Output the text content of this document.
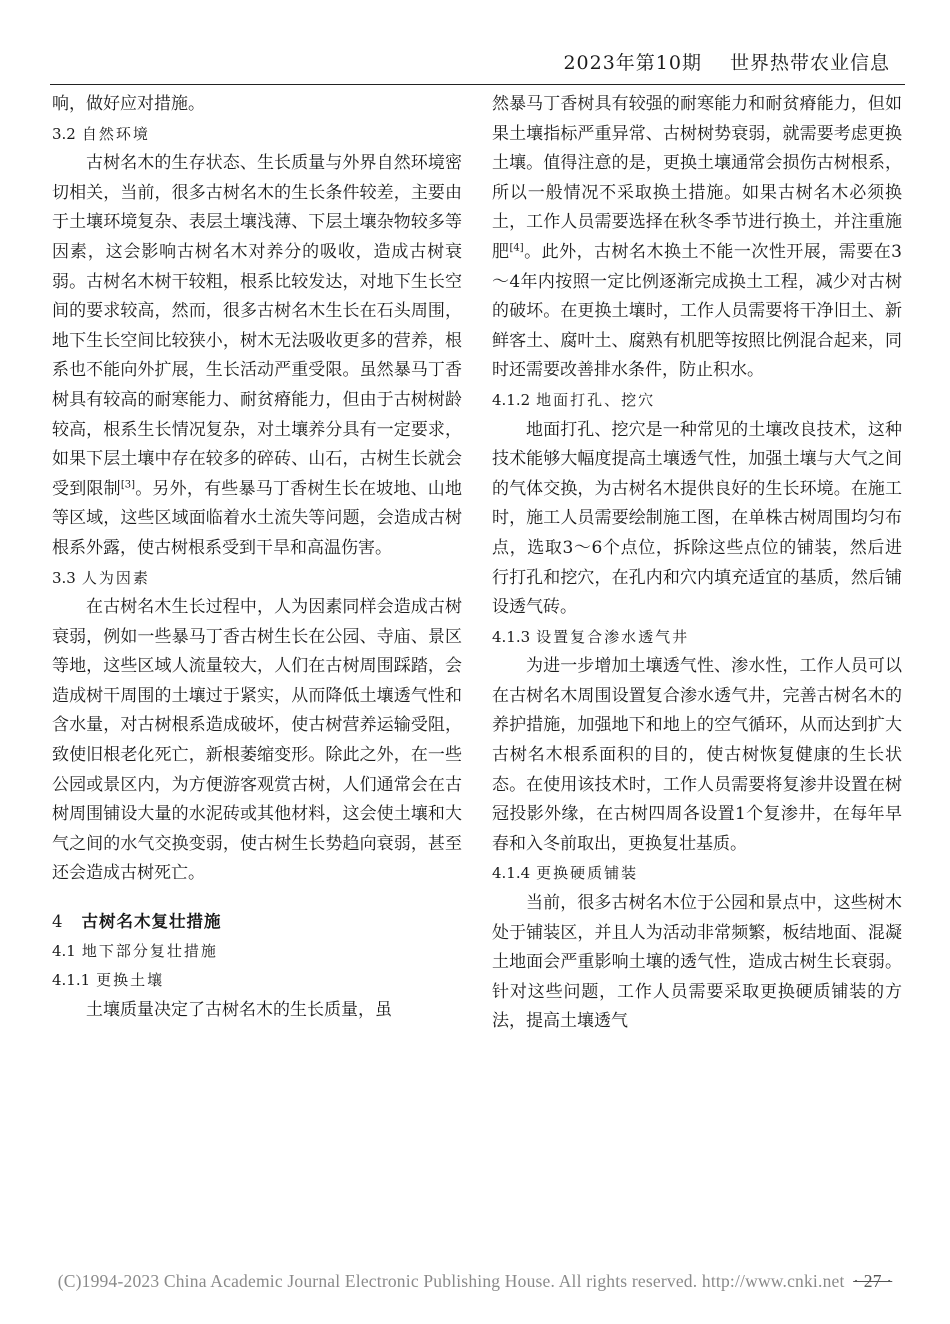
2023年第10期 世界热带农业信息

响，做好应对措施。

3.2 自然环境

古树名木的生存状态、生长质量与外界自然环境密切相关，当前，很多古树名木的生长条件较差，主要由于土壤环境复杂、表层土壤浅薄、下层土壤杂物较多等因素，这会影响古树名木对养分的吸收，造成古树衰弱。古树名木树干较粗，根系比较发达，对地下生长空间的要求较高，然而，很多古树名木生长在石头周围，地下生长空间比较狭小，树木无法吸收更多的营养，根系也不能向外扩展，生长活动严重受限。虽然暴马丁香树具有较高的耐寒能力、耐贫瘠能力，但由于古树树龄较高，根系生长情况复杂，对土壤养分具有一定要求，如果下层土壤中存在较多的碎砖、山石，古树生长就会受到限制[3]。另外，有些暴马丁香树生长在坡地、山地等区域，这些区域面临着水土流失等问题，会造成古树根系外露，使古树根系受到干旱和高温伤害。

3.3 人为因素

在古树名木生长过程中，人为因素同样会造成古树衰弱，例如一些暴马丁香古树生长在公园、寺庙、景区等地，这些区域人流量较大，人们在古树周围踩踏，会造成树干周围的土壤过于紧实，从而降低土壤透气性和含水量，对古树根系造成破坏，使古树营养运输受阻，致使旧根老化死亡，新根萎缩变形。除此之外，在一些公园或景区内，为方便游客观赏古树，人们通常会在古树周围铺设大量的水泥砖或其他材料，这会使土壤和大气之间的水气交换变弱，使古树生长势趋向衰弱，甚至还会造成古树死亡。

4 古树名木复壮措施
4.1 地下部分复壮措施
4.1.1 更换土壤

土壤质量决定了古树名木的生长质量，虽

然暴马丁香树具有较强的耐寒能力和耐贫瘠能力，但如果土壤指标严重异常、古树树势衰弱，就需要考虑更换土壤。值得注意的是，更换土壤通常会损伤古树根系，所以一般情况不采取换土措施。如果古树名木必须换土，工作人员需要选择在秋冬季节进行换土，并注重施肥[4]。此外，古树名木换土不能一次性开展，需要在3～4年内按照一定比例逐渐完成换土工程，减少对古树的破坏。在更换土壤时，工作人员需要将干净旧土、新鲜客土、腐叶土、腐熟有机肥等按照比例混合起来，同时还需要改善排水条件，防止积水。

4.1.2 地面打孔、挖穴

地面打孔、挖穴是一种常见的土壤改良技术，这种技术能够大幅度提高土壤透气性，加强土壤与大气之间的气体交换，为古树名木提供良好的生长环境。在施工时，施工人员需要绘制施工图，在单株古树周围均匀布点，选取3～6个点位，拆除这些点位的铺装，然后进行打孔和挖穴，在孔内和穴内填充适宜的基质，然后铺设透气砖。

4.1.3 设置复合渗水透气井

为进一步增加土壤透气性、渗水性，工作人员可以在古树名木周围设置复合渗水透气井，完善古树名木的养护措施，加强地下和地上的空气循环，从而达到扩大古树名木根系面积的目的，使古树恢复健康的生长状态。在使用该技术时，工作人员需要将复渗井设置在树冠投影外缘，在古树四周各设置1个复渗井，在每年早春和入冬前取出，更换复壮基质。

4.1.4 更换硬质铺装

当前，很多古树名木位于公园和景点中，这些树木处于铺装区，并且人为活动非常频繁，板结地面、混凝土地面会严重影响土壤的透气性，造成古树生长衰弱。针对这些问题，工作人员需要采取更换硬质铺装的方法，提高土壤透气

(C)1994-2023 China Academic Journal Electronic Publishing House. All rights reserved. http://www.cnki.net · 27 ·
